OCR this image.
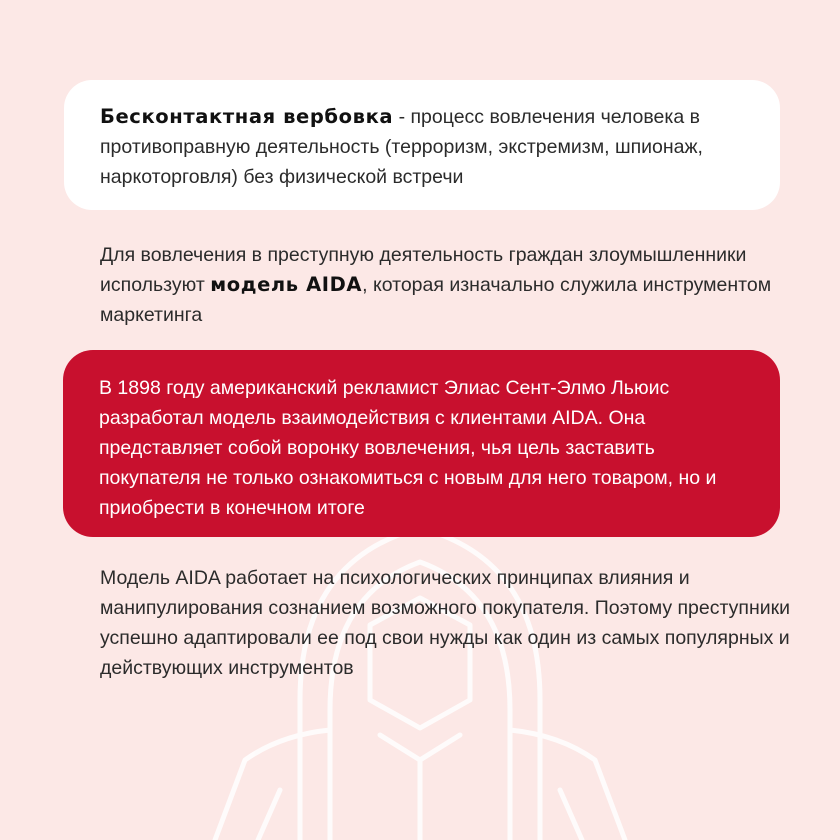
Бесконтактная вербовка - процесс вовлечения человека в противоправную деятельность (терроризм, экстремизм, шпионаж, наркоторговля) без физической встречи

Для вовлечения в преступную деятельность граждан злоумышленники используют модель AIDA, которая изначально служила инструментом маркетинга

В 1898 году американский рекламист Элиас Сент-Элмо Льюис разработал модель взаимодействия с клиентами AIDA. Она представляет собой воронку вовлечения, чья цель заставить покупателя не только ознакомиться с новым для него товаром, но и приобрести в конечном итоге

Модель AIDA работает на психологических принципах влияния и манипулирования сознанием возможного покупателя. Поэтому преступники успешно адаптировали ее под свои нужды как один из самых популярных и действующих инструментов
